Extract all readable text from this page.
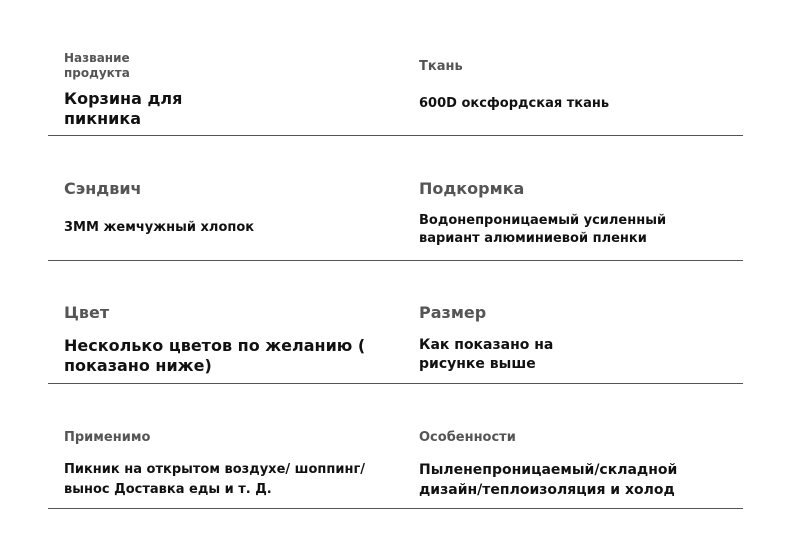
Название продукта
Корзина для пикника
Ткань
600D оксфордская ткань
Сэндвич
3ММ жемчужный хлопок
Подкормка
Водонепроницаемый усиленный вариант алюминиевой пленки
Цвет
Несколько цветов по желанию ( показано ниже)
Размер
Как показано на рисунке выше
Применимо
Пикник на открытом воздухе/ шоппинг/вынос Доставка еды и т. Д.
Особенности
Пыленепроницаемый/складной дизайн/теплоизоляция и холод
